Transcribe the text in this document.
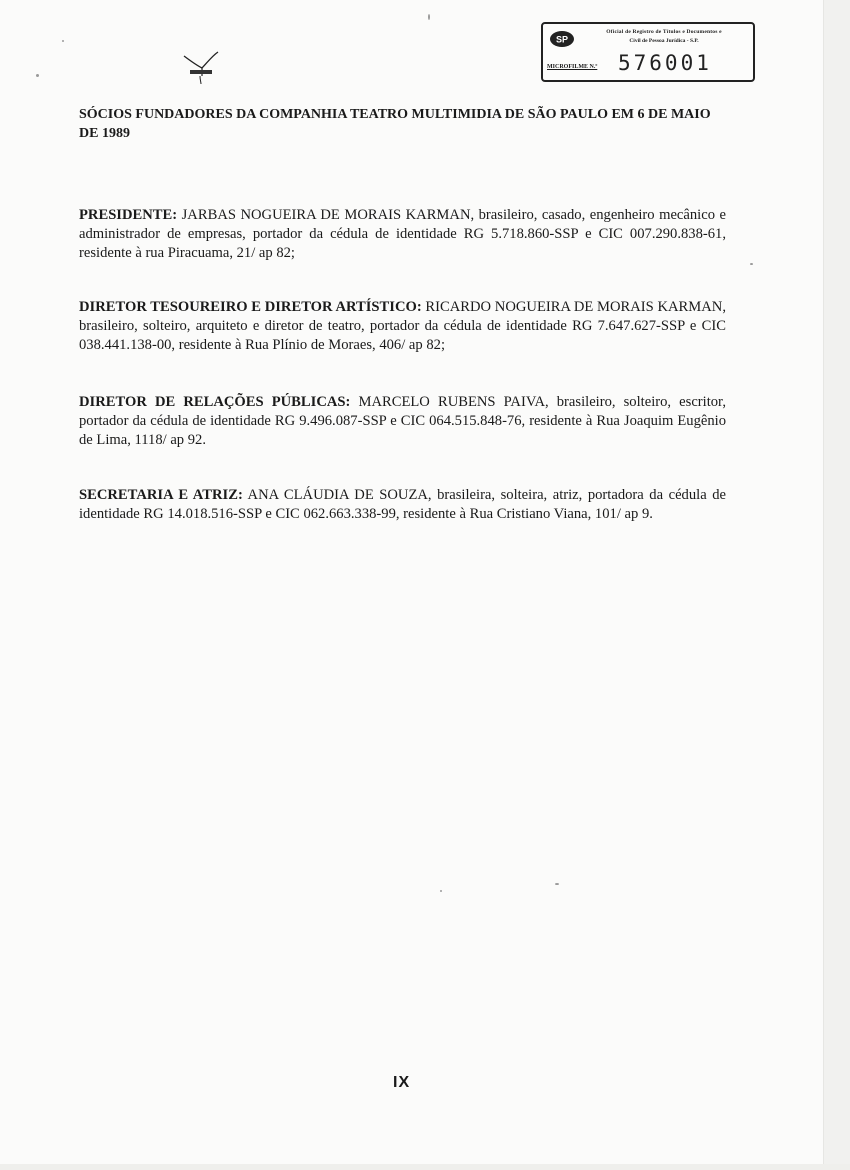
SP
Oficial de Registro de Títulos e Documentos e
Civil de Pessoa Jurídica - S.P.
MICROFILME N.º 576001
SÓCIOS FUNDADORES DA COMPANHIA TEATRO MULTIMIDIA DE SÃO PAULO EM 6 DE MAIO DE 1989
PRESIDENTE: JARBAS NOGUEIRA DE MORAIS KARMAN, brasileiro, casado, engenheiro mecânico e administrador de empresas, portador da cédula de identidade RG 5.718.860-SSP e CIC 007.290.838-61, residente à rua Piracuama, 21/ ap 82;
DIRETOR TESOUREIRO E DIRETOR ARTÍSTICO: RICARDO NOGUEIRA DE MORAIS KARMAN, brasileiro, solteiro, arquiteto e diretor de teatro, portador da cédula de identidade RG 7.647.627-SSP e CIC 038.441.138-00, residente à Rua Plínio de Moraes, 406/ ap 82;
DIRETOR DE RELAÇÕES PÚBLICAS: MARCELO RUBENS PAIVA, brasileiro, solteiro, escritor, portador da cédula de identidade RG 9.496.087-SSP e CIC 064.515.848-76, residente à Rua Joaquim Eugênio de Lima, 1118/ ap 92.
SECRETARIA E ATRIZ: ANA CLÁUDIA DE SOUZA, brasileira, solteira, atriz, portadora da cédula de identidade RG 14.018.516-SSP e CIC 062.663.338-99, residente à Rua Cristiano Viana, 101/ ap 9.
IX
